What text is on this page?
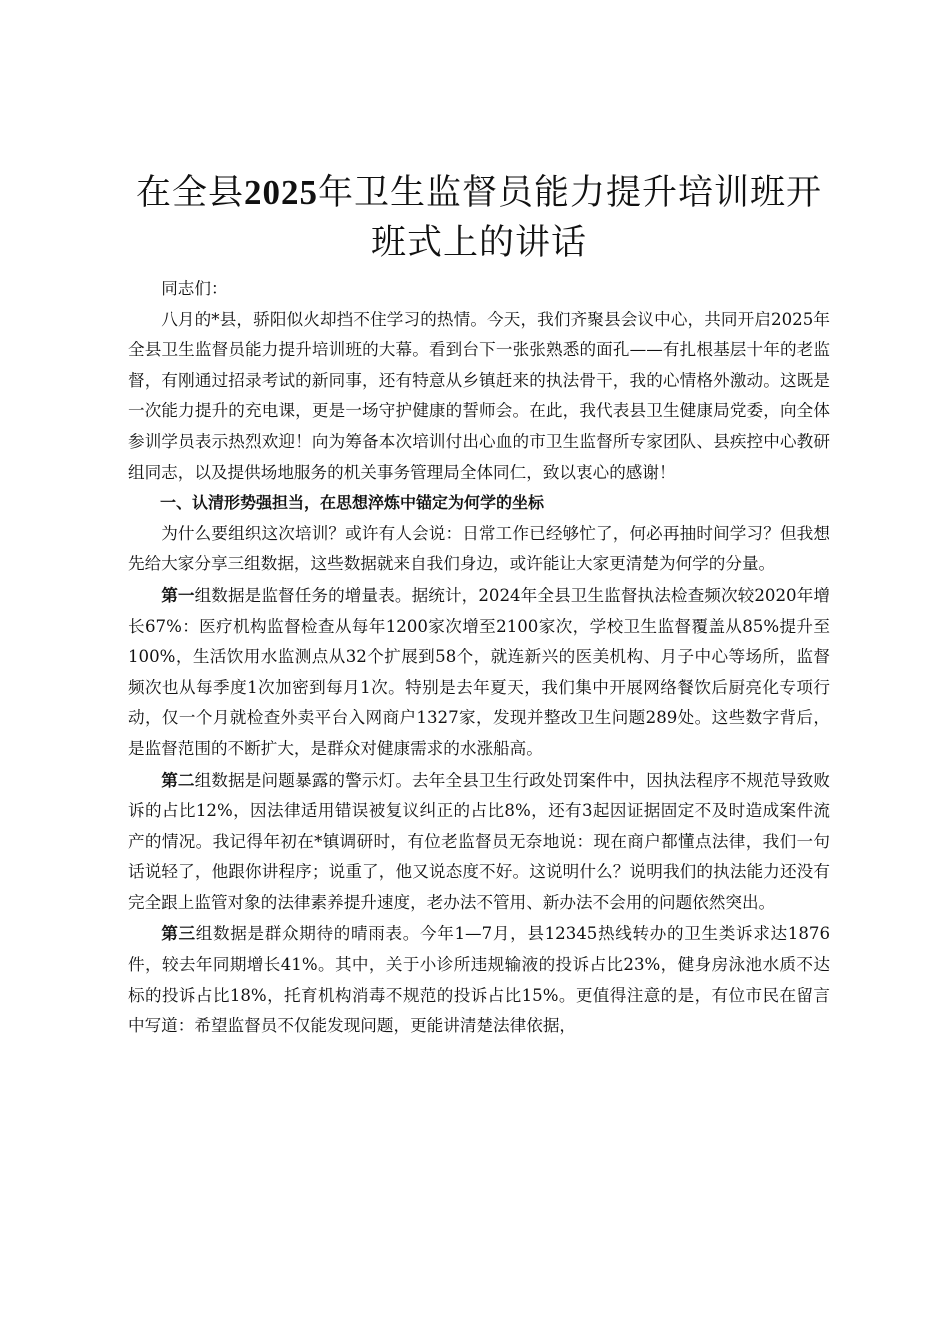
在全县2025年卫生监督员能力提升培训班开班式上的讲话

同志们：

八月的*县，骄阳似火却挡不住学习的热情。今天，我们齐聚县会议中心，共同开启2025年全县卫生监督员能力提升培训班的大幕。看到台下一张张熟悉的面孔——有扎根基层十年的老监督，有刚通过招录考试的新同事，还有特意从乡镇赶来的执法骨干，我的心情格外激动。这既是一次能力提升的充电课，更是一场守护健康的誓师会。在此，我代表县卫生健康局党委，向全体参训学员表示热烈欢迎！向为筹备本次培训付出心血的市卫生监督所专家团队、县疾控中心教研组同志，以及提供场地服务的机关事务管理局全体同仁，致以衷心的感谢！

一、认清形势强担当，在思想淬炼中锚定为何学的坐标

为什么要组织这次培训？或许有人会说：日常工作已经够忙了，何必再抽时间学习？但我想先给大家分享三组数据，这些数据就来自我们身边，或许能让大家更清楚为何学的分量。

第一组数据是监督任务的增量表。据统计，2024年全县卫生监督执法检查频次较2020年增长67%：医疗机构监督检查从每年1200家次增至2100家次，学校卫生监督覆盖从85%提升至100%，生活饮用水监测点从32个扩展到58个，就连新兴的医美机构、月子中心等场所，监督频次也从每季度1次加密到每月1次。特别是去年夏天，我们集中开展网络餐饮后厨亮化专项行动，仅一个月就检查外卖平台入网商户1327家，发现并整改卫生问题289处。这些数字背后，是监督范围的不断扩大，是群众对健康需求的水涨船高。

第二组数据是问题暴露的警示灯。去年全县卫生行政处罚案件中，因执法程序不规范导致败诉的占比12%，因法律适用错误被复议纠正的占比8%，还有3起因证据固定不及时造成案件流产的情况。我记得年初在*镇调研时，有位老监督员无奈地说：现在商户都懂点法律，我们一句话说轻了，他跟你讲程序；说重了，他又说态度不好。这说明什么？说明我们的执法能力还没有完全跟上监管对象的法律素养提升速度，老办法不管用、新办法不会用的问题依然突出。

第三组数据是群众期待的晴雨表。今年1—7月，县12345热线转办的卫生类诉求达1876件，较去年同期增长41%。其中，关于小诊所违规输液的投诉占比23%，健身房泳池水质不达标的投诉占比18%，托育机构消毒不规范的投诉占比15%。更值得注意的是，有位市民在留言中写道：希望监督员不仅能发现问题，更能讲清楚法律依据，
